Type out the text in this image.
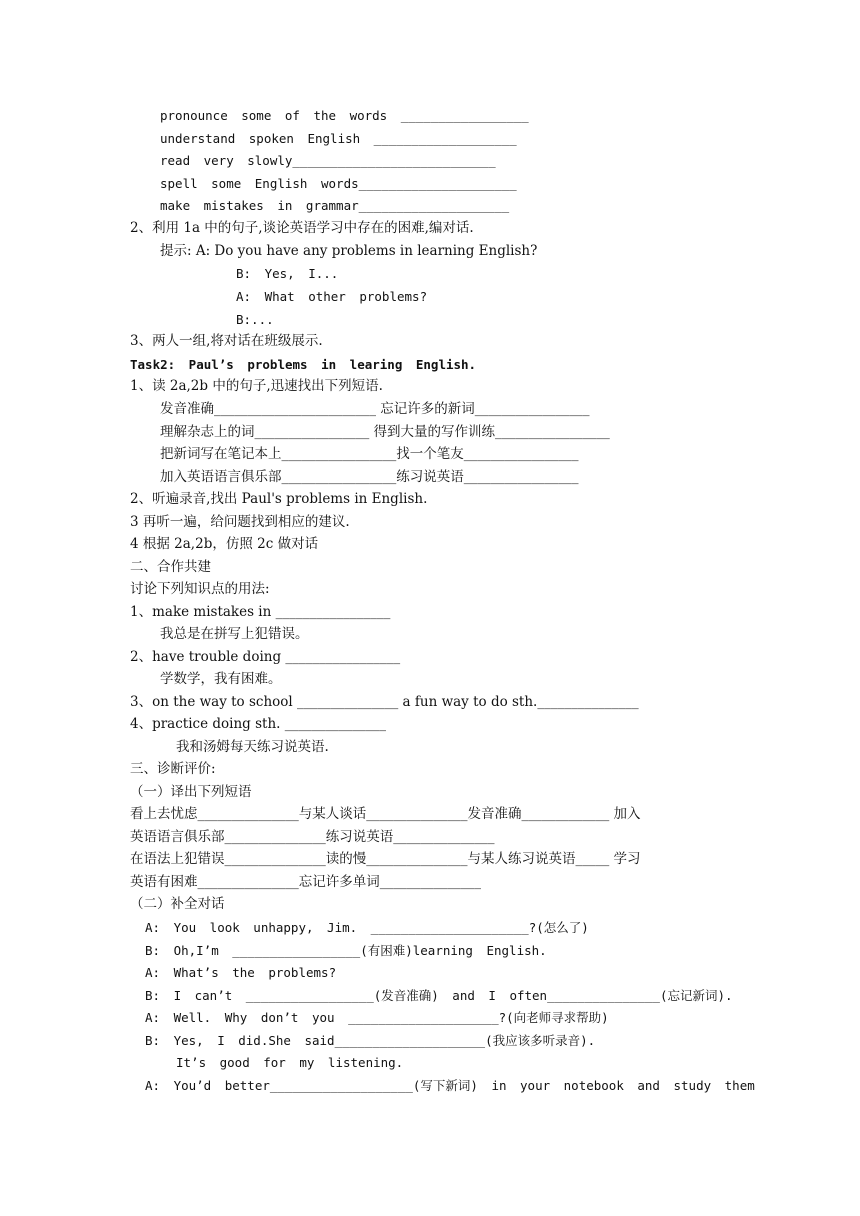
pronounce some of the words _________________
understand spoken English ___________________
read very slowly___________________________
spell some English words_____________________
make mistakes in grammar____________________
2、利用 1a 中的句子,谈论英语学习中存在的困难,编对话.
提示: A: Do you have any problems in learning English?
B: Yes, I...
A: What other problems?
B:...
3、两人一组,将对话在班级展示.
Task2: Paul’s problems in learing English.
1、读 2a,2b 中的句子,迅速找出下列短语.
发音准确________________________ 忘记许多的新词_________________
理解杂志上的词_________________ 得到大量的写作训练_________________
把新词写在笔记本上_________________找一个笔友_________________
加入英语语言俱乐部_________________练习说英语_________________
2、听遍录音,找出 Paul's problems in English.
3 再听一遍，给问题找到相应的建议.
4 根据 2a,2b，仿照 2c 做对话
二、合作共建
讨论下列知识点的用法:
1、make mistakes in _________________
我总是在拼写上犯错误。
2、have trouble doing _________________
学数学，我有困难。
3、on the way to school _______________ a fun way to do sth._______________
4、practice doing sth. _______________
我和汤姆每天练习说英语.
三、诊断评价:
（一）译出下列短语
看上去忧虑_______________与某人谈话_______________发音准确_____________ 加入
英语语言俱乐部_______________练习说英语_______________
在语法上犯错误_______________读的慢_______________与某人练习说英语_____ 学习
英语有困难_______________忘记许多单词_______________
（二）补全对话
A: You look unhappy, Jim. _____________________?(怎么了)
B: Oh,I’m _________________(有困难)learning English.
A: What’s the problems?
B: I can’t _________________(发音准确) and I often_______________(忘记新词).
A: Well. Why don’t you ____________________?(向老师寻求帮助)
B: Yes, I did.She said____________________(我应该多听录音).
It’s good for my listening.
A: You’d better___________________(写下新词) in your notebook and study them
